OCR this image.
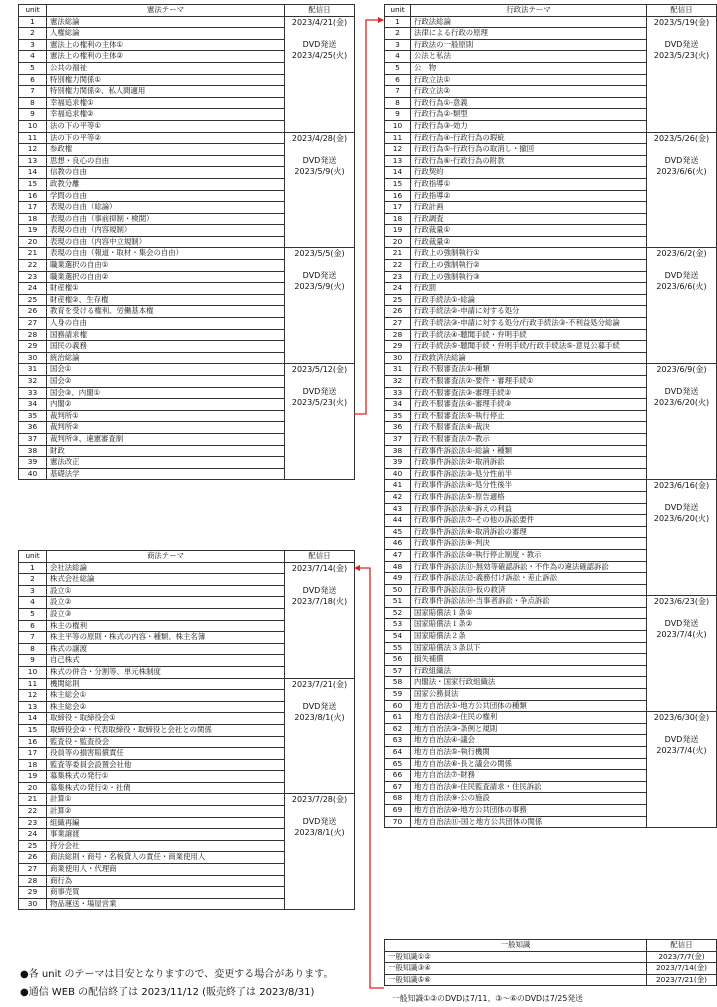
unit	憲法テーマ	配信日
1	憲法総論	2023/4/21(金)
DVD発送
2023/4/25(火)

2	人権総論	
3	憲法上の権利の主体①	
4	憲法上の権利の主体②	
5	公共の福祉	
6	特別権力関係①	
7	特別権力関係②、私人間適用	
8	幸福追求権①	
9	幸福追求権②	
10	法の下の平等①	
11	法の下の平等②	2023/4/28(金)
DVD発送
2023/5/9(火)

12	参政権	
13	思想・良心の自由	
14	信教の自由	
15	政教分離	
16	学問の自由	
17	表現の自由（総論）	
18	表現の自由（事前抑制・検閲）	
19	表現の自由（内容規制）	
20	表現の自由（内容中立規制）	
21	表現の自由（報道・取材・集会の自由）	2023/5/5(金)
DVD発送
2023/5/9(火)

22	職業選択の自由①	
23	職業選択の自由②	
24	財産権①	
25	財産権②、生存権	
26	教育を受ける権利、労働基本権	
27	人身の自由	
28	国務請求権	
29	国民の義務	
30	統治総論	
31	国会①	2023/5/12(金)
DVD発送
2023/5/23(火)

32	国会②	
33	国会③、内閣①	
34	内閣②	
35	裁判所①	
36	裁判所②	
37	裁判所③、違憲審査制	
38	財政	
39	憲法改正	
40	基礎法学	
unit	行政法テーマ	配信日
1	行政法総論	2023/5/19(金)
DVD発送
2023/5/23(火)

2	法律による行政の原理	
3	行政法の一般原則	
4	公法と私法	
5	公　物	
6	行政立法①	
7	行政立法②	
8	行政行為①-意義	
9	行政行為②-類型	
10	行政行為③-効力	
11	行政行為④-行政行為の瑕疵	2023/5/26(金)
DVD発送
2023/6/6(火)

12	行政行為⑤-行政行為の取消し・撤回	
13	行政行為⑥-行政行為の附款	
14	行政契約	
15	行政指導①	
16	行政指導②	
17	行政計画	
18	行政調査	
19	行政裁量①	
20	行政裁量②	
21	行政上の強制執行①	2023/6/2(金)
DVD発送
2023/6/6(火)

22	行政上の強制執行②	
23	行政上の強制執行③	
24	行政罰	
25	行政手続法①-総論	
26	行政手続法②-申請に対する処分	
27	行政手続法③-申請に対する処分/行政手続法③-不利益処分総論	
28	行政手続法④-聴聞手続・弁明手続	
29	行政手続法⑤-聴聞手続・弁明手続/行政手続法⑤-意見公募手続	
30	行政救済法総論	
31	行政不服審査法①-種類	2023/6/9(金)
DVD発送
2023/6/20(火)

32	行政不服審査法②-要件・審理手続①	
33	行政不服審査法③-審理手続②	
34	行政不服審査法④-審理手続③	
35	行政不服審査法⑤-執行停止	
36	行政不服審査法⑥-裁決	
37	行政不服審査法⑦-教示	
38	行政事件訴訟法①-総論・種類	
39	行政事件訴訟法②-取消訴訟	
40	行政事件訴訟法③-処分性前半	
41	行政事件訴訟法④-処分性後半	2023/6/16(金)
DVD発送
2023/6/20(火)

42	行政事件訴訟法⑤-原告適格	
43	行政事件訴訟法⑥-訴えの利益	
44	行政事件訴訟法⑦-その他の訴訟要件	
45	行政事件訴訟法⑧-取消訴訟の審理	
46	行政事件訴訟法⑨-判決	
47	行政事件訴訟法⑩-執行停止制度・教示	
48	行政事件訴訟法⑪-無効等確認訴訟・不作為の違法確認訴訟	
49	行政事件訴訟法⑫-義務付け訴訟・差止訴訟	
50	行政事件訴訟法⑬-仮の救済	
51	行政事件訴訟法⑭-当事者訴訟・争点訴訟	2023/6/23(金)
DVD発送
2023/7/4(火)

52	国家賠償法１条①	
53	国家賠償法１条②	
54	国家賠償法２条	
55	国家賠償法３条以下	
56	損失補償	
57	行政組織法	
58	内閣法・国家行政組織法	
59	国家公務員法	
60	地方自治法①-地方公共団体の種類	
61	地方自治法②-住民の権利	2023/6/30(金)
DVD発送
2023/7/4(火)

62	地方自治法③-条例と規則	
63	地方自治法④-議会	
64	地方自治法⑤-執行機関	
65	地方自治法⑥-長と議会の関係	
66	地方自治法⑦-財務	
67	地方自治法⑧-住民監査請求・住民訴訟	
68	地方自治法⑨-公の施設	
69	地方自治法⑩-地方公共団体の事務	
70	地方自治法⑪-国と地方公共団体の関係	
unit	商法テーマ	配信日
1	会社法総論	2023/7/14(金)
DVD発送
2023/7/18(火)

2	株式会社総論	
3	設立①	
4	設立②	
5	設立③	
6	株主の権利	
7	株主平等の原則・株式の内容・種類、株主名簿	
8	株式の譲渡	
9	自己株式	
10	株式の併合・分割等、単元株制度	
11	機関総則	2023/7/21(金)
DVD発送
2023/8/1(火)

12	株主総会①	
13	株主総会②	
14	取締役・取締役会①	
15	取締役会②・代表取締役・取締役と会社との関係	
16	監査役・監査役会	
17	役員等の損害賠償責任	
18	監査等委員会設置会社他	
19	募集株式の発行①	
20	募集株式の発行②・社債	
21	計算①	2023/7/28(金)
DVD発送
2023/8/1(火)

22	計算②	
23	組織再編	
24	事業譲渡	
25	持分会社	
26	商法総則・商号・名板貸人の責任・商業使用人	
27	商業使用人・代理商	
28	商行為	
29	商事売買	
30	物品運送・場屋営業	
一般知識	配信日
一般知識①②	2023/7/7(金)
一般知識③④	2023/7/14(金)
一般知識⑤⑥	2023/7/21(金)
●各 unit のテーマは目安となりますので、変更する場合があります。
●通信 WEB の配信終了は 2023/11/12 (販売終了は 2023/8/31)
一般知識①②のDVDは7/11、③～⑥のDVDは7/25発送
